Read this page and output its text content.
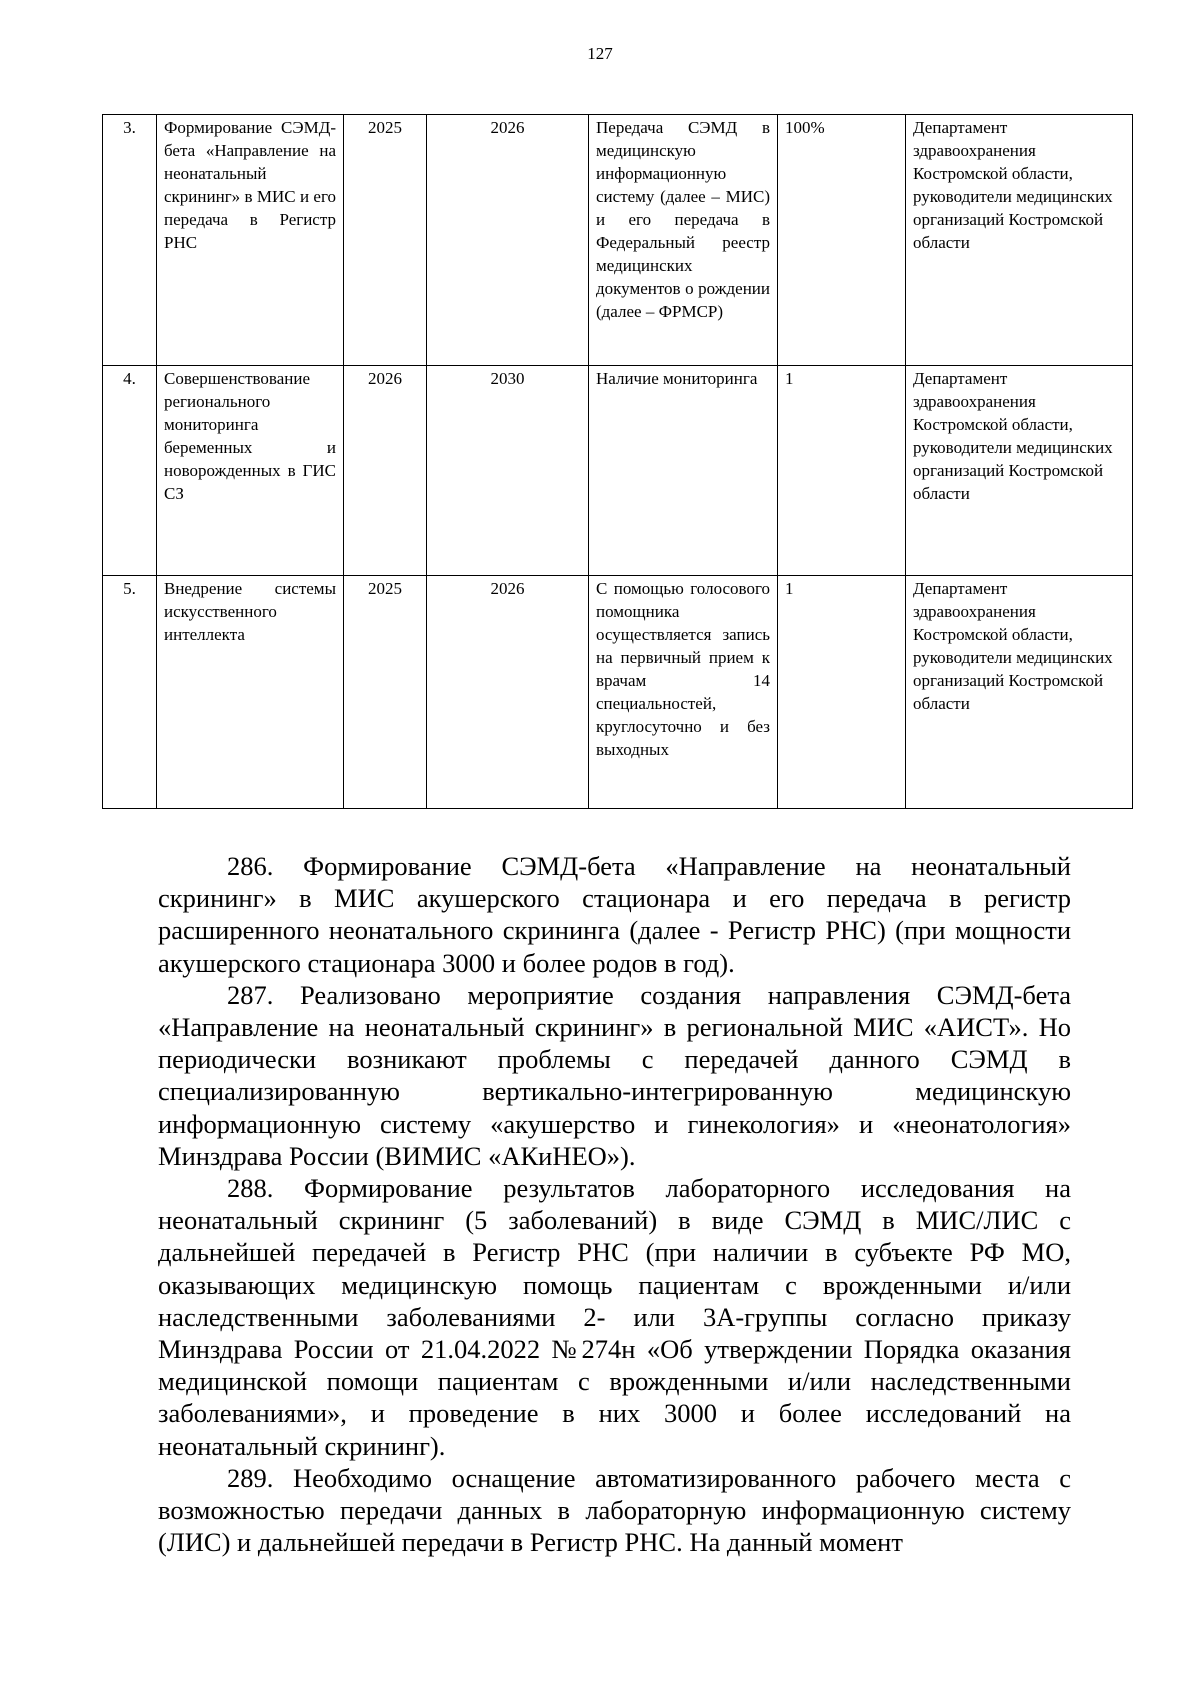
127
3.	Формирование СЭМД-бета «Направление на неонатальный скрининг» в МИС и его передача в Регистр РНС	2025	2026	Передача СЭМД в медицинскую информационную систему (далее – МИС) и его передача в Федеральный реестр медицинских документов о рождении (далее – ФРМСР)	100%	Департамент здравоохранения Костромской области, руководители медицинских организаций Костромской области
4.	Совершенствование регионального мониторинга беременных и новорожденных в ГИС СЗ	2026	2030	Наличие мониторинга	1	Департамент здравоохранения Костромской области, руководители медицинских организаций Костромской области
5.	Внедрение системы искусственного интеллекта	2025	2026	С помощью голосового помощника осуществляется запись на первичный прием к врачам 14 специальностей, круглосуточно и без выходных	1	Департамент здравоохранения Костромской области, руководители медицинских организаций Костромской области

286. Формирование СЭМД-бета «Направление на неонатальный скрининг» в МИС акушерского стационара и его передача в регистр расширенного неонатального скрининга (далее - Регистр РНС) (при мощности акушерского стационара 3000 и более родов в год).

287. Реализовано мероприятие создания направления СЭМД-бета «Направление на неонатальный скрининг» в региональной МИС «АИСТ». Но периодически возникают проблемы с передачей данного СЭМД в специализированную вертикально-интегрированную медицинскую информационную систему «акушерство и гинекология» и «неонатология» Минздрава России (ВИМИС «АКиНЕО»).

288. Формирование результатов лабораторного исследования на неонатальный скрининг (5 заболеваний) в виде СЭМД в МИС/ЛИС с дальнейшей передачей в Регистр РНС (при наличии в субъекте РФ МО, оказывающих медицинскую помощь пациентам с врожденными и/или наследственными заболеваниями 2- или 3А-группы согласно приказу Минздрава России от 21.04.2022 №274н «Об утверждении Порядка оказания медицинской помощи пациентам с врожденными и/или наследственными заболеваниями», и проведение в них 3000 и более исследований на неонатальный скрининг).

289. Необходимо оснащение автоматизированного рабочего места с возможностью передачи данных в лабораторную информационную систему (ЛИС) и дальнейшей передачи в Регистр РНС. На данный момент
